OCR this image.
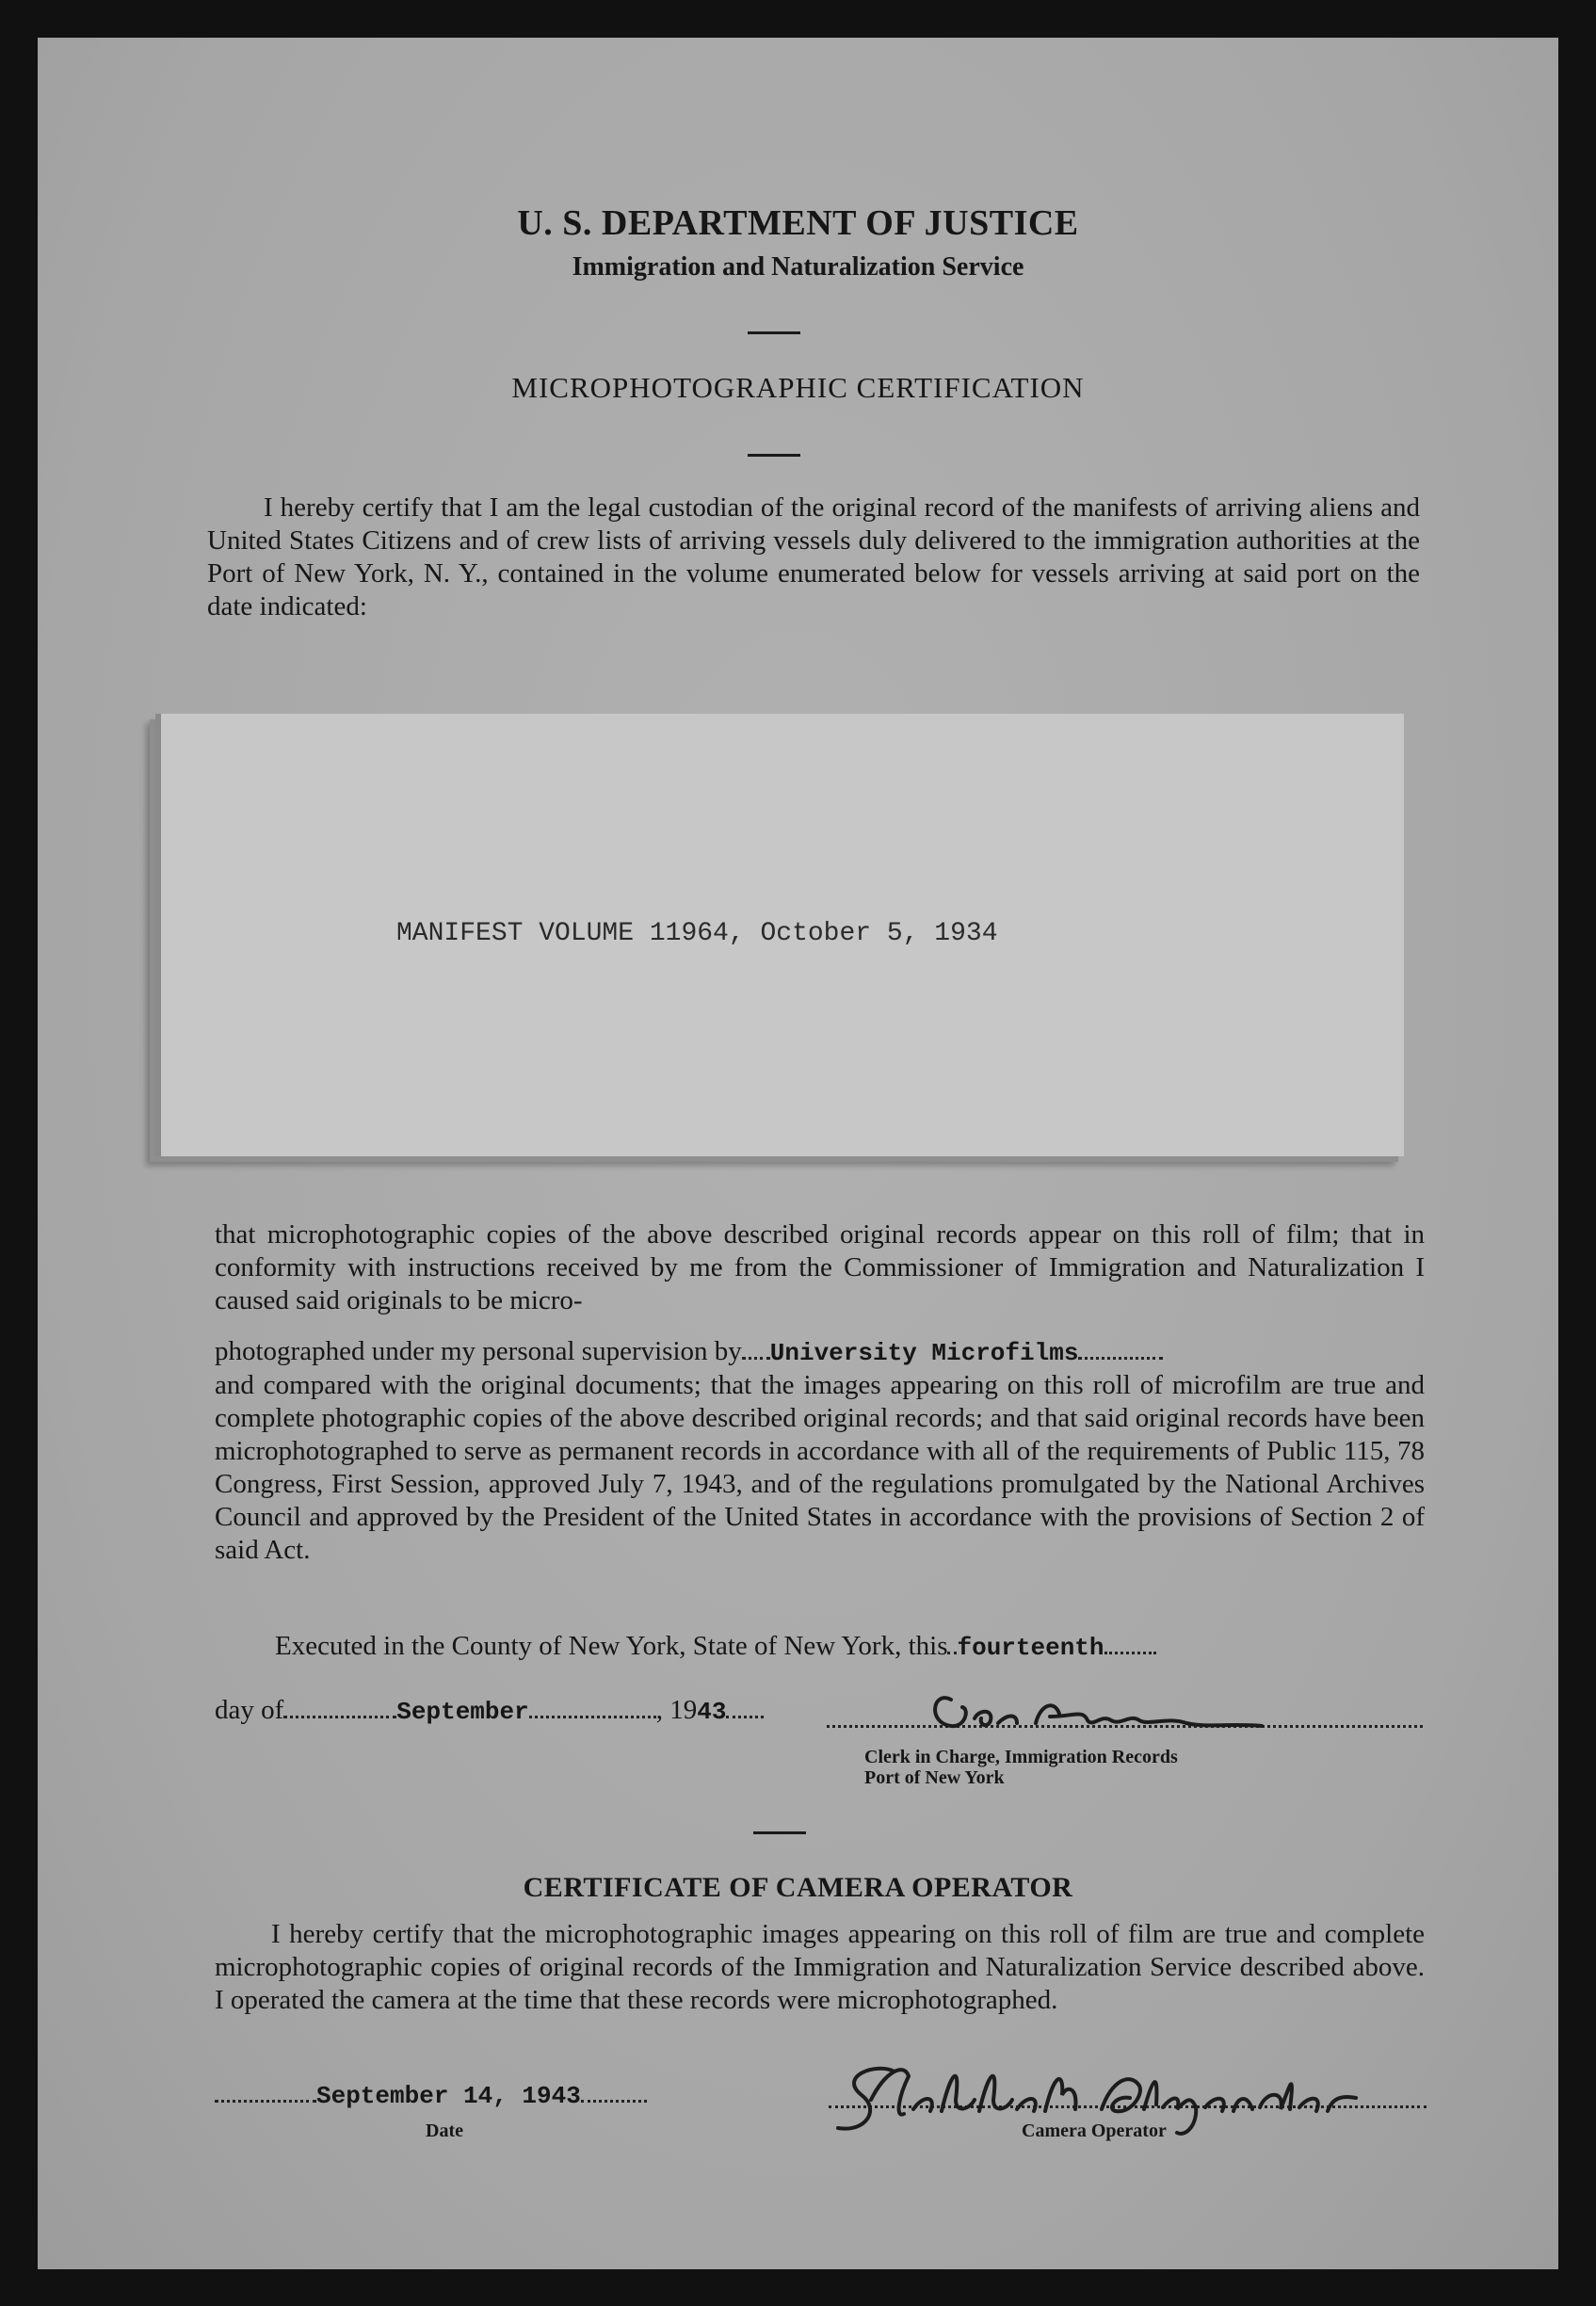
U. S. DEPARTMENT OF JUSTICE
Immigration and Naturalization Service
MICROPHOTOGRAPHIC CERTIFICATION

I hereby certify that I am the legal custodian of the original record of the manifests of arriving aliens and United States Citizens and of crew lists of arriving vessels duly delivered to the immigration authorities at the Port of New York, N. Y., contained in the volume enumerated below for vessels arriving at said port on the date indicated:

MANIFEST VOLUME 11964, October 5, 1934

that microphotographic copies of the above described original records appear on this roll of film; that in conformity with instructions received by me from the Commissioner of Immigration and Naturalization I caused said originals to be micro-

photographed under my personal supervision by University Microfilms

and compared with the original documents; that the images appearing on this roll of microfilm are true and complete photographic copies of the above described original records; and that said original records have been microphotographed to serve as permanent records in accordance with all of the requirements of Public 115, 78 Congress, First Session, approved July 7, 1943, and of the regulations promulgated by the National Archives Council and approved by the President of the United States in accordance with the provisions of Section 2 of said Act.

Executed in the County of New York, State of New York, this fourteenth
day of	September	, 1943
Clerk in Charge, Immigration Records
Port of New York
CERTIFICATE OF CAMERA OPERATOR

I hereby certify that the microphotographic images appearing on this roll of film are true and complete microphotographic copies of original records of the Immigration and Naturalization Service described above. I operated the camera at the time that these records were microphotographed.

September 14, 1943
Date	Camera Operator
